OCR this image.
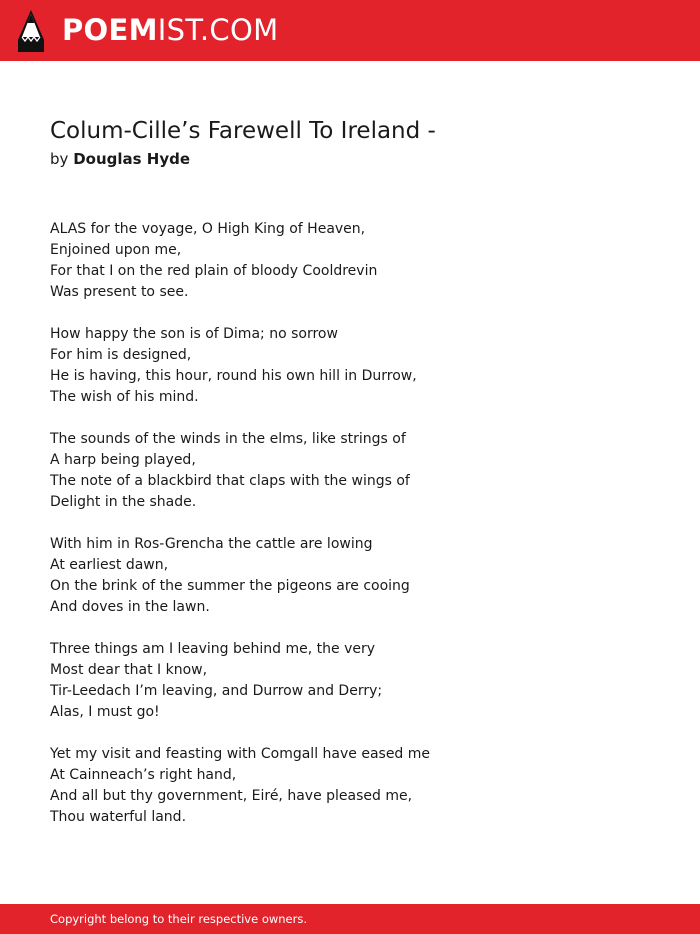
POEMIST.COM
Colum-Cille’s Farewell To Ireland -
by Douglas Hyde
ALAS for the voyage, O High King of Heaven,
Enjoined upon me,
For that I on the red plain of bloody Cooldrevin
Was present to see.
How happy the son is of Dima; no sorrow
For him is designed,
He is having, this hour, round his own hill in Durrow,
The wish of his mind.
The sounds of the winds in the elms, like strings of
A harp being played,
The note of a blackbird that claps with the wings of
Delight in the shade.
With him in Ros-Grencha the cattle are lowing
At earliest dawn,
On the brink of the summer the pigeons are cooing
And doves in the lawn.
Three things am I leaving behind me, the very
Most dear that I know,
Tir-Leedach I’m leaving, and Durrow and Derry;
Alas, I must go!
Yet my visit and feasting with Comgall have eased me
At Cainneach’s right hand,
And all but thy government, Eiré, have pleased me,
Thou waterful land.
Copyright belong to their respective owners.
